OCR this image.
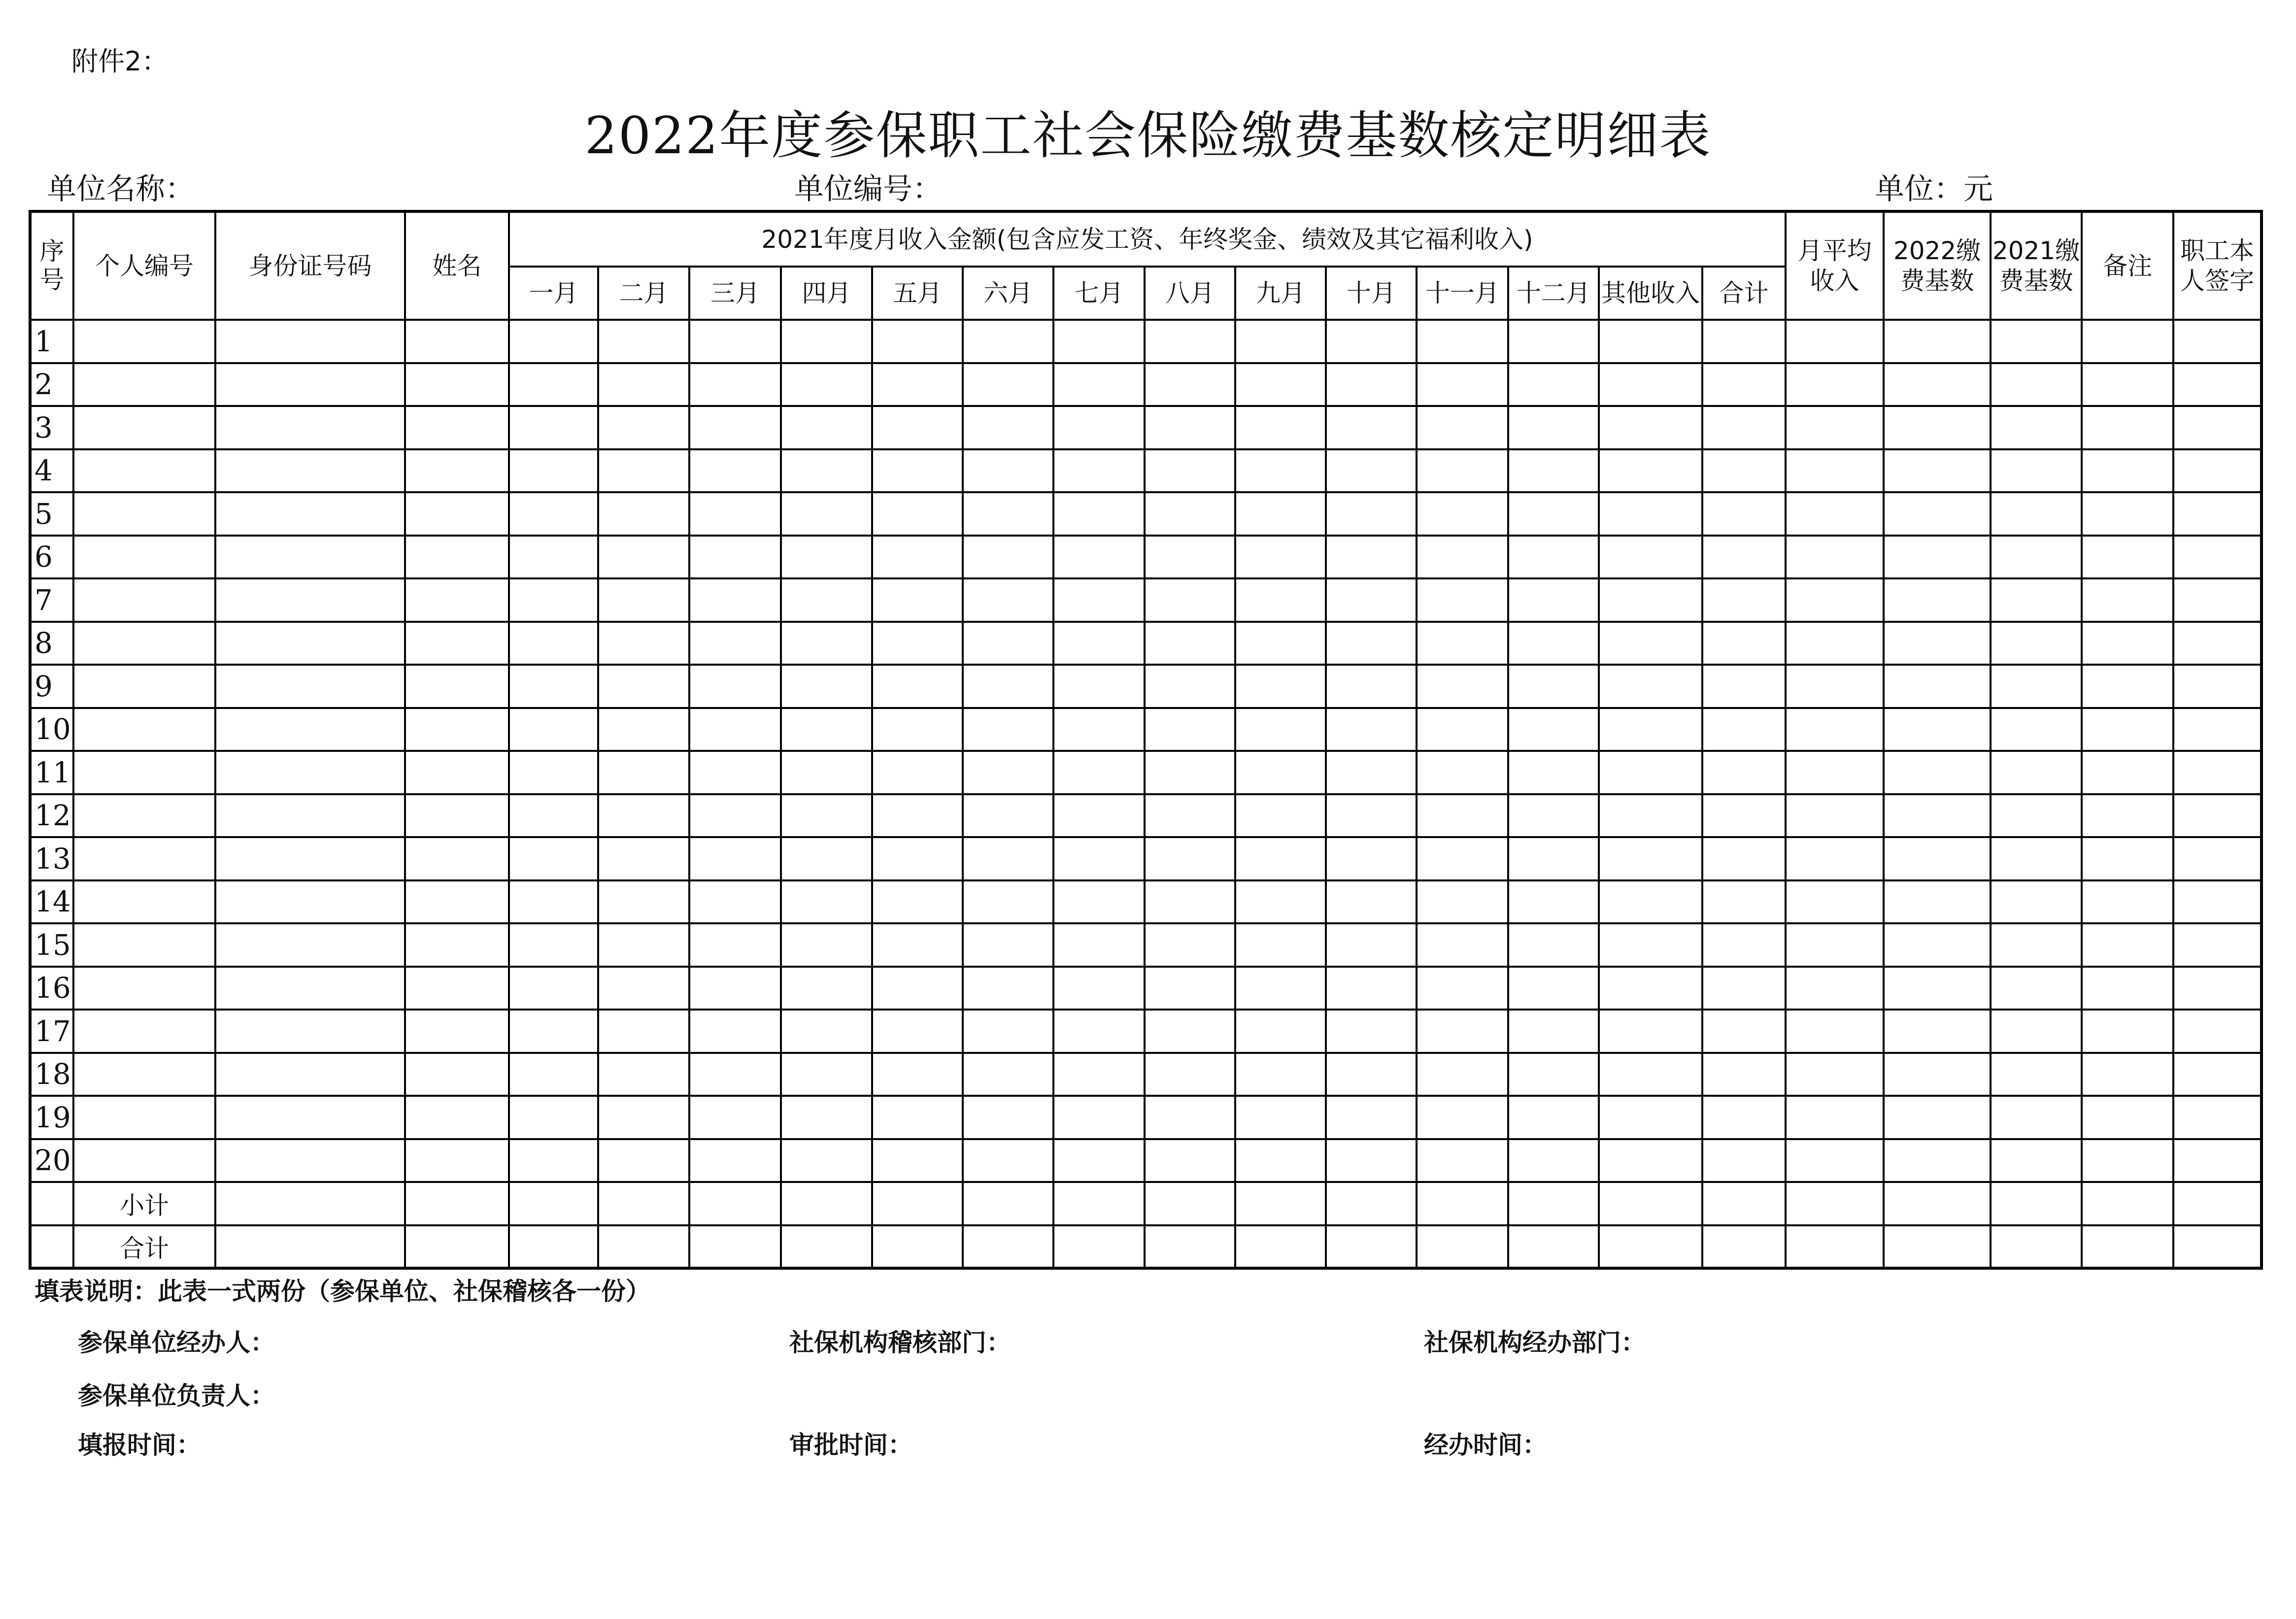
附件2：
2022年度参保职工社会保险缴费基数核定明细表
单位名称：	单位编号：	单位：元
序号	个人编号	身份证号码	姓名	2021年度月收入金额(包含应发工资、年终奖金、绩效及其它福利收入)														月平均收入	2022缴费基数	2021缴费基数	备注	职工本人签字
				一月	二月	三月	四月	五月	六月	七月	八月	九月	十月	十一月	十二月	其他收入	合计					
1																						
2																						
3																						
4																						
5																						
6																						
7																						
8																						
9																						
10																						
11																						
12																						
13																						
14																						
15																						
16																						
17																						
18																						
19																						
20																						
	小计																					
	合计																					
填表说明：此表一式两份（参保单位、社保稽核各一份）
参保单位经办人：	社保机构稽核部门：	社保机构经办部门：
参保单位负责人：
填报时间：	审批时间：	经办时间：
